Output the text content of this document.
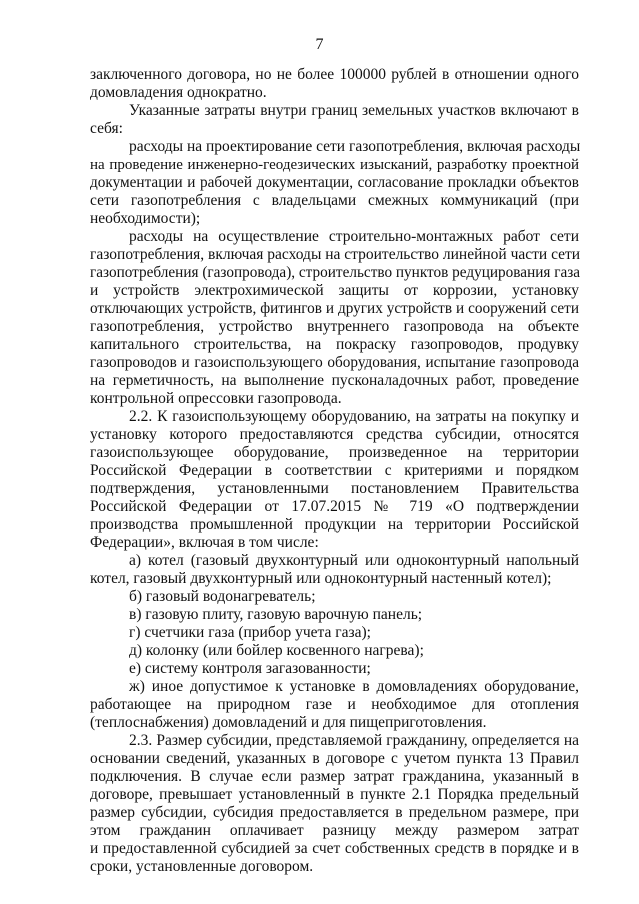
7
заключенного договора, но не более 100000 рублей в отношении одного
домовладения однократно.
Указанные затраты внутри границ земельных участков включают в
себя:
расходы на проектирование сети газопотребления, включая расходы
на проведение инженерно-геодезических изысканий, разработку проектной
документации и рабочей документации, согласование прокладки объектов
сети газопотребления с владельцами смежных коммуникаций (при
необходимости);
расходы на осуществление строительно-монтажных работ сети
газопотребления, включая расходы на строительство линейной части сети
газопотребления (газопровода), строительство пунктов редуцирования газа
и устройств электрохимической защиты от коррозии, установку
отключающих устройств, фитингов и других устройств и сооружений сети
газопотребления, устройство внутреннего газопровода на объекте
капитального строительства, на покраску газопроводов, продувку
газопроводов и газоиспользующего оборудования, испытание газопровода
на герметичность, на выполнение пусконаладочных работ, проведение
контрольной опрессовки газопровода.
2.2. К газоиспользующему оборудованию, на затраты на покупку и
установку которого предоставляются средства субсидии, относятся
газоиспользующее оборудование, произведенное на территории
Российской Федерации в соответствии с критериями и порядком
подтверждения, установленными постановлением Правительства
Российской Федерации от 17.07.2015 № 719 «О подтверждении
производства промышленной продукции на территории Российской
Федерации», включая в том числе:
а) котел (газовый двухконтурный или одноконтурный напольный
котел, газовый двухконтурный или одноконтурный настенный котел);
б) газовый водонагреватель;
в) газовую плиту, газовую варочную панель;
г) счетчики газа (прибор учета газа);
д) колонку (или бойлер косвенного нагрева);
е) систему контроля загазованности;
ж) иное допустимое к установке в домовладениях оборудование,
работающее на природном газе и необходимое для отопления
(теплоснабжения) домовладений и для пищеприготовления.
2.3. Размер субсидии, представляемой гражданину, определяется на
основании сведений, указанных в договоре с учетом пункта 13 Правил
подключения. В случае если размер затрат гражданина, указанный в
договоре, превышает установленный в пункте 2.1 Порядка предельный
размер субсидии, субсидия предоставляется в предельном размере, при
этом гражданин оплачивает разницу между размером затрат
и предоставленной субсидией за счет собственных средств в порядке и в
сроки, установленные договором.
